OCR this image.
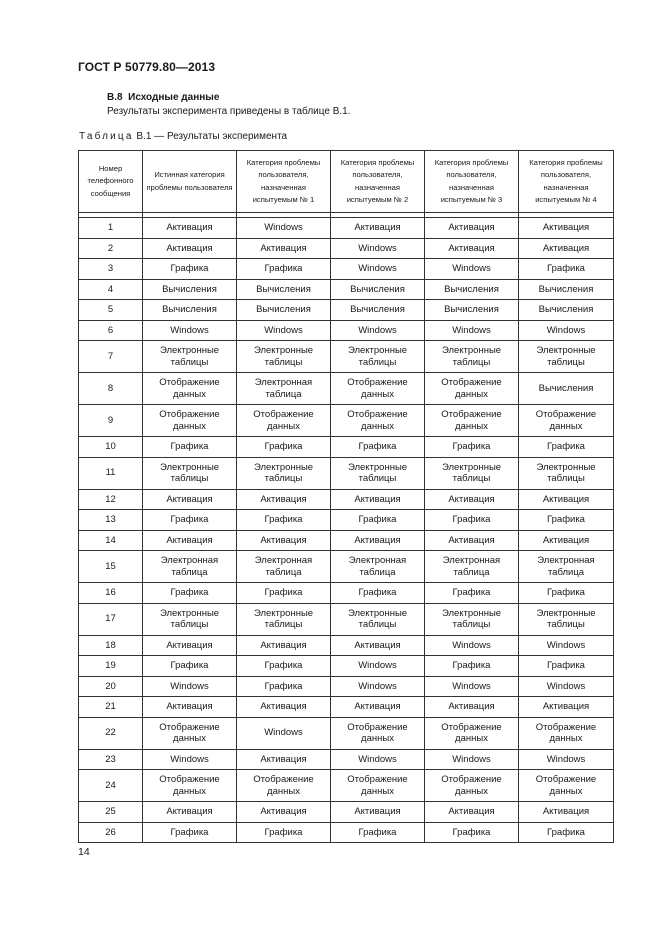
ГОСТ Р 50779.80—2013
В.8 Исходные данные
Результаты эксперимента приведены в таблице В.1.
Таблица В.1 — Результаты эксперимента
Номер телефонного сообщения	Истинная категория проблемы пользователя	Категория проблемы пользователя, назначенная испытуемым № 1	Категория проблемы пользователя, назначенная испытуемым № 2	Категория проблемы пользователя, назначенная испытуемым № 3	Категория проблемы пользователя, назначенная испытуемым № 4

1	Активация	Windows	Активация	Активация	Активация
2	Активация	Активация	Windows	Активация	Активация
3	Графика	Графика	Windows	Windows	Графика
4	Вычисления	Вычисления	Вычисления	Вычисления	Вычисления
5	Вычисления	Вычисления	Вычисления	Вычисления	Вычисления
6	Windows	Windows	Windows	Windows	Windows
7	Электронные таблицы	Электронные таблицы	Электронные таблицы	Электронные таблицы	Электронные таблицы
8	Отображение данных	Электронная таблица	Отображение данных	Отображение данных	Вычисления
9	Отображение данных	Отображение данных	Отображение данных	Отображение данных	Отображение данных
10	Графика	Графика	Графика	Графика	Графика
11	Электронные таблицы	Электронные таблицы	Электронные таблицы	Электронные таблицы	Электронные таблицы
12	Активация	Активация	Активация	Активация	Активация
13	Графика	Графика	Графика	Графика	Графика
14	Активация	Активация	Активация	Активация	Активация
15	Электронная таблица	Электронная таблица	Электронная таблица	Электронная таблица	Электронная таблица
16	Графика	Графика	Графика	Графика	Графика
17	Электронные таблицы	Электронные таблицы	Электронные таблицы	Электронные таблицы	Электронные таблицы
18	Активация	Активация	Активация	Windows	Windows
19	Графика	Графика	Windows	Графика	Графика
20	Windows	Графика	Windows	Windows	Windows
21	Активация	Активация	Активация	Активация	Активация
22	Отображение данных	Windows	Отображение данных	Отображение данных	Отображение данных
23	Windows	Активация	Windows	Windows	Windows
24	Отображение данных	Отображение данных	Отображение данных	Отображение данных	Отображение данных
25	Активация	Активация	Активация	Активация	Активация
26	Графика	Графика	Графика	Графика	Графика
14
